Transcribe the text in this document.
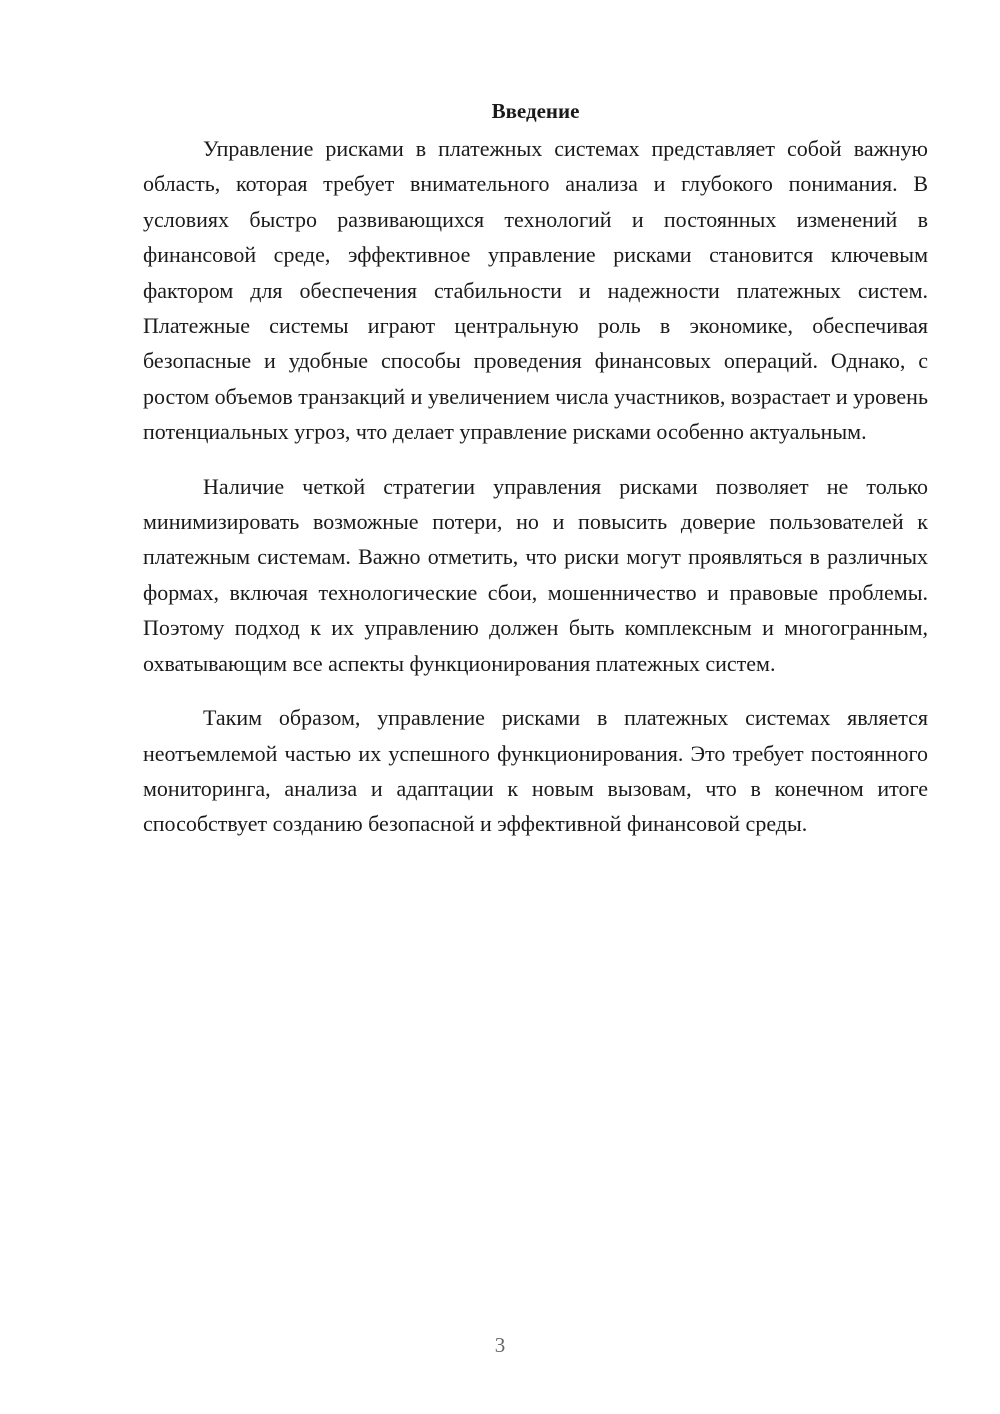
Введение

Управление рисками в платежных системах представляет собой важную область, которая требует внимательного анализа и глубокого понимания. В условиях быстро развивающихся технологий и постоянных изменений в финансовой среде, эффективное управление рисками становится ключевым фактором для обеспечения стабильности и надежности платежных систем. Платежные системы играют центральную роль в экономике, обеспечивая безопасные и удобные способы проведения финансовых операций. Однако, с ростом объемов транзакций и увеличением числа участников, возрастает и уровень потенциальных угроз, что делает управление рисками особенно актуальным.

Наличие четкой стратегии управления рисками позволяет не только минимизировать возможные потери, но и повысить доверие пользователей к платежным системам. Важно отметить, что риски могут проявляться в различных формах, включая технологические сбои, мошенничество и правовые проблемы. Поэтому подход к их управлению должен быть комплексным и многогранным, охватывающим все аспекты функционирования платежных систем.

Таким образом, управление рисками в платежных системах является неотъемлемой частью их успешного функционирования. Это требует постоянного мониторинга, анализа и адаптации к новым вызовам, что в конечном итоге способствует созданию безопасной и эффективной финансовой среды.

3
